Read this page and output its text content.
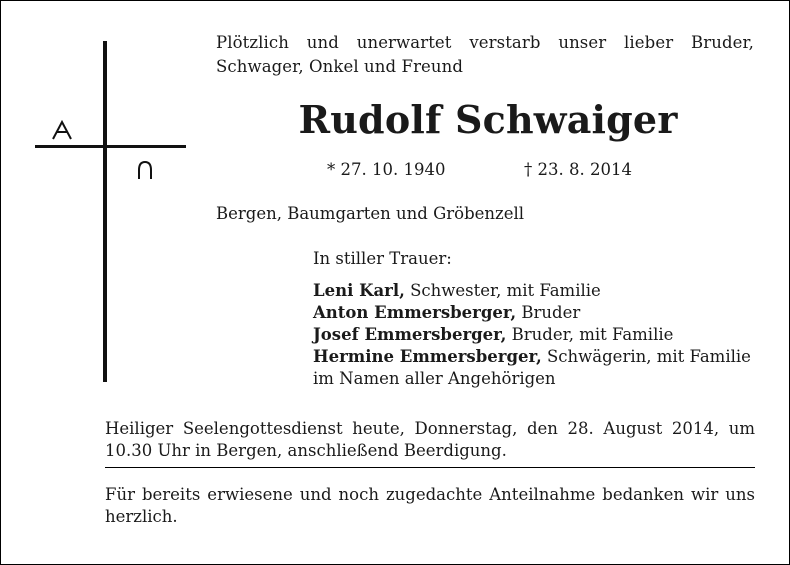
Plötzlich und unerwartet verstarb unser lieber Bruder, Schwager, Onkel und Freund
Rudolf Schwaiger
* 27. 10. 1940	† 23. 8. 2014
Bergen, Baumgarten und Gröbenzell
In stiller Trauer:
Leni Karl, Schwester, mit Familie
Anton Emmersberger, Bruder
Josef Emmersberger, Bruder, mit Familie
Hermine Emmersberger, Schwägerin, mit Familie
im Namen aller Angehörigen
Heiliger Seelengottesdienst heute, Donnerstag, den 28. August 2014, um 10.30 Uhr in Bergen, anschließend Beerdigung.
Für bereits erwiesene und noch zugedachte Anteilnahme bedanken wir uns herzlich.
